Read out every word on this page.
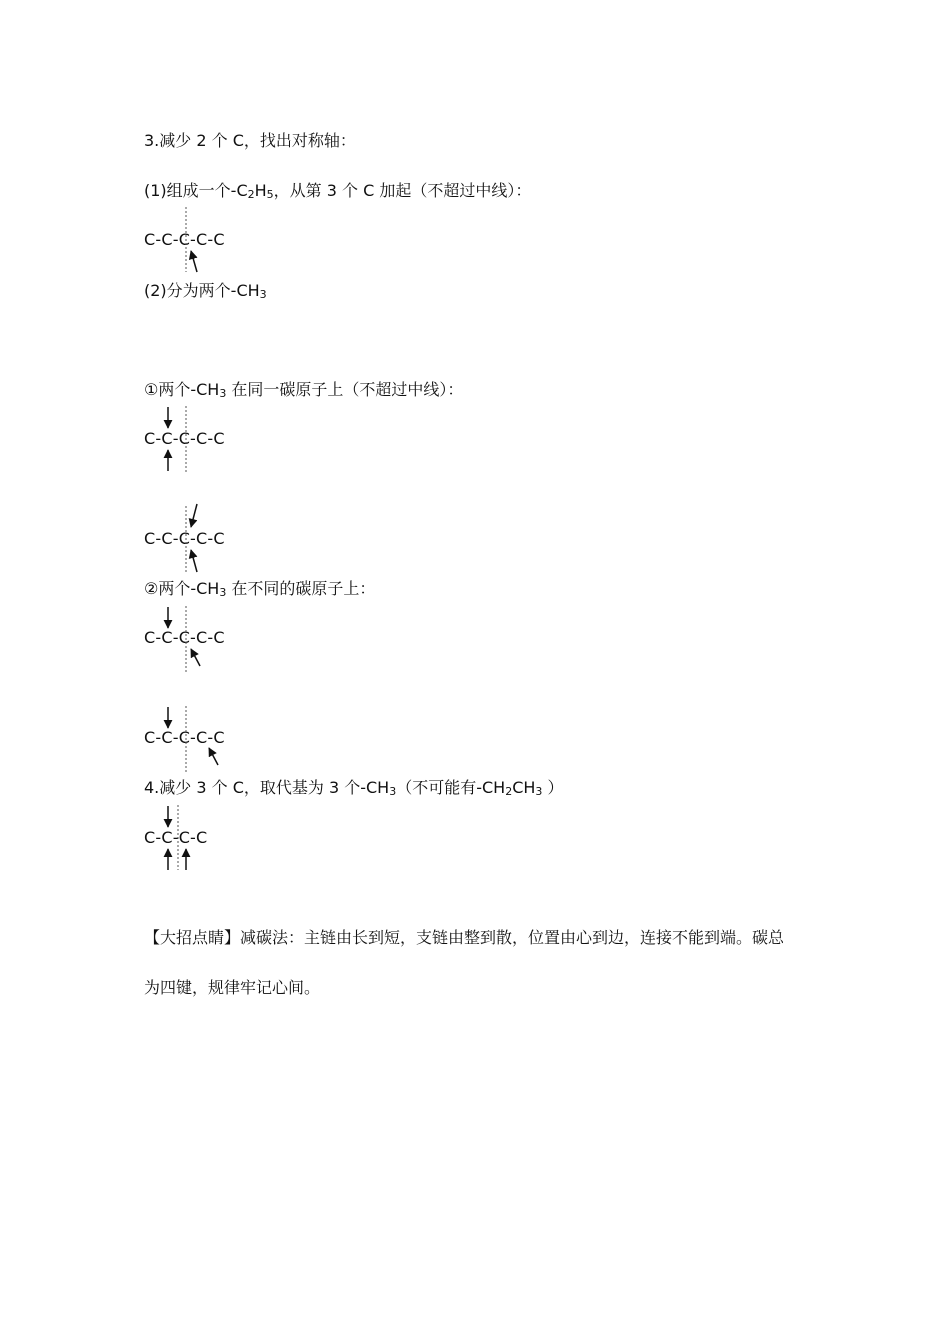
3.减少 2 个 C，找出对称轴：
(1)组成一个$-C_2H_5$，从第 3 个 C 加起（不超过中线）：
C-C-C-C-C
(2)分为两个$-CH_3$
①两个$-CH_3$ 在同一碳原子上（不超过中线）：
C-C-C-C-C
C-C-C-C-C
②两个$-CH_3$ 在不同的碳原子上：
C-C-C-C-C
C-C-C-C-C
4.减少 3 个 C，取代基为 3 个$-CH_3$（不可能有$-CH_2CH_3$ ）
C-C-C-C
【大招点睛】减碳法：主链由长到短，支链由整到散，位置由心到边，连接不能到端。碳总
为四键，规律牢记心间。
